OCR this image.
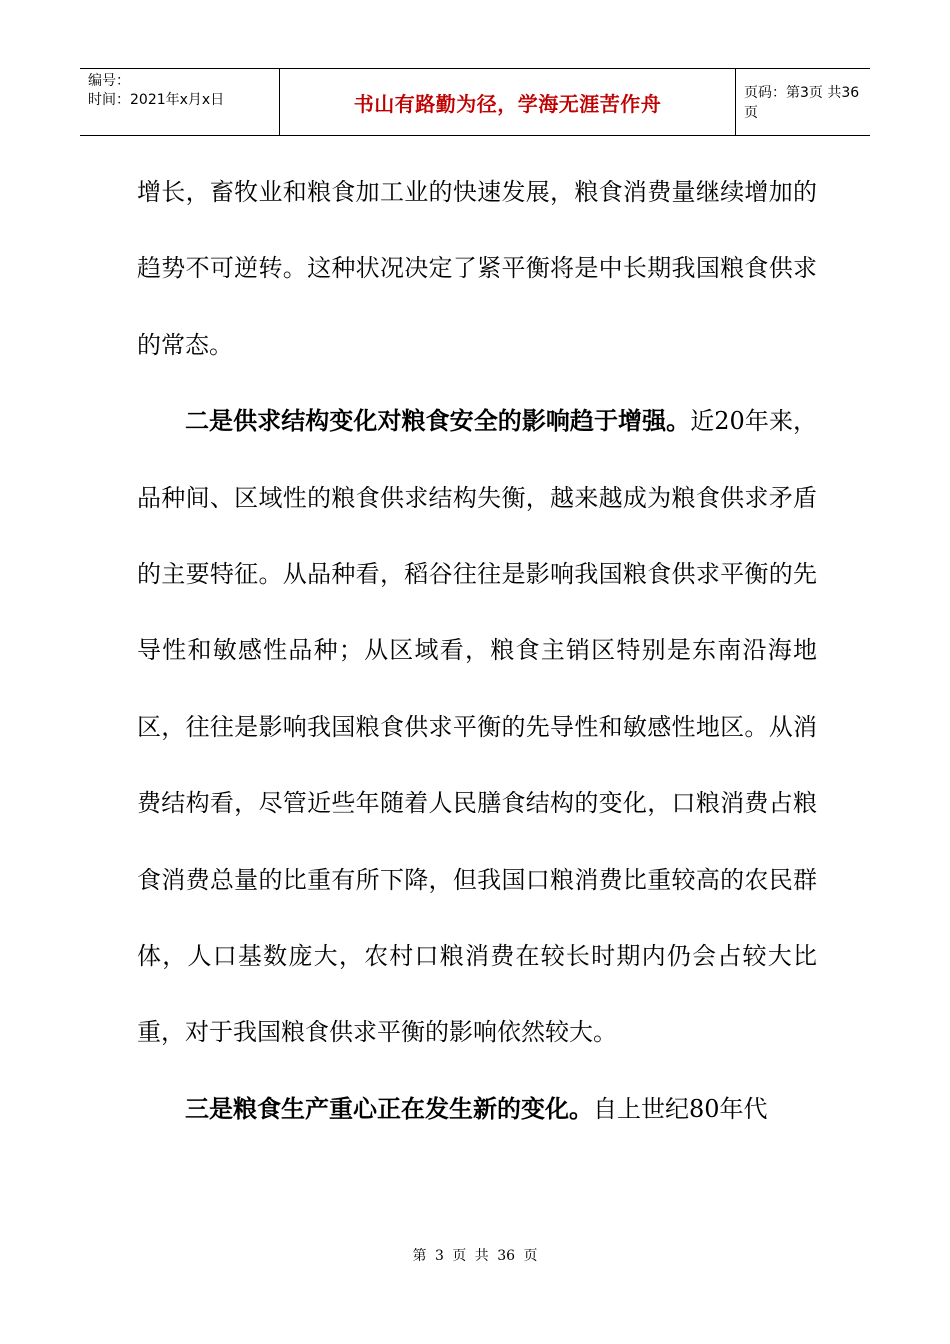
编号：
时间：2021年x月x日	书山有路勤为径，学海无涯苦作舟	页码：第3页 共36页

增长，畜牧业和粮食加工业的快速发展，粮食消费量继续增加的趋势不可逆转。这种状况决定了紧平衡将是中长期我国粮食供求的常态。

二是供求结构变化对粮食安全的影响趋于增强。近20年来，品种间、区域性的粮食供求结构失衡，越来越成为粮食供求矛盾的主要特征。从品种看，稻谷往往是影响我国粮食供求平衡的先导性和敏感性品种；从区域看，粮食主销区特别是东南沿海地区，往往是影响我国粮食供求平衡的先导性和敏感性地区。从消费结构看，尽管近些年随着人民膳食结构的变化，口粮消费占粮食消费总量的比重有所下降，但我国口粮消费比重较高的农民群体，人口基数庞大，农村口粮消费在较长时期内仍会占较大比重，对于我国粮食供求平衡的影响依然较大。

三是粮食生产重心正在发生新的变化。自上世纪80年代

第 3 页 共 36 页
